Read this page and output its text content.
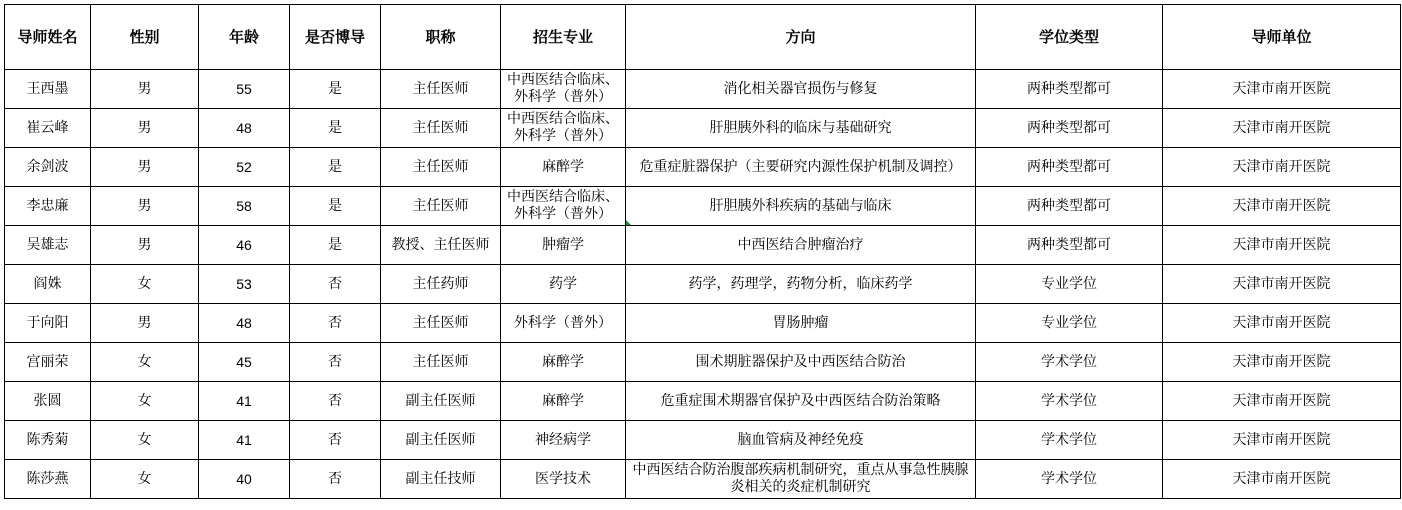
导师姓名	性别	年龄	是否博导	职称	招生专业	方向	学位类型	导师单位
王西墨	男	55	是	主任医师	中西医结合临床、外科学（普外）	消化相关器官损伤与修复	两种类型都可	天津市南开医院
崔云峰	男	48	是	主任医师	中西医结合临床、外科学（普外）	肝胆胰外科的临床与基础研究	两种类型都可	天津市南开医院
余剑波	男	52	是	主任医师	麻醉学	危重症脏器保护（主要研究内源性保护机制及调控）	两种类型都可	天津市南开医院
李忠廉	男	58	是	主任医师	中西医结合临床、外科学（普外）	肝胆胰外科疾病的基础与临床	两种类型都可	天津市南开医院
吴雄志	男	46	是	教授、主任医师	肿瘤学	中西医结合肿瘤治疗	两种类型都可	天津市南开医院
阎姝	女	53	否	主任药师	药学	药学，药理学，药物分析，临床药学	专业学位	天津市南开医院
于向阳	男	48	否	主任医师	外科学（普外）	胃肠肿瘤	专业学位	天津市南开医院
宫丽荣	女	45	否	主任医师	麻醉学	围术期脏器保护及中西医结合防治	学术学位	天津市南开医院
张圆	女	41	否	副主任医师	麻醉学	危重症围术期器官保护及中西医结合防治策略	学术学位	天津市南开医院
陈秀菊	女	41	否	副主任医师	神经病学	脑血管病及神经免疫	学术学位	天津市南开医院
陈莎燕	女	40	否	副主任技师	医学技术	中西医结合防治腹部疾病机制研究，重点从事急性胰腺炎相关的炎症机制研究	学术学位	天津市南开医院
